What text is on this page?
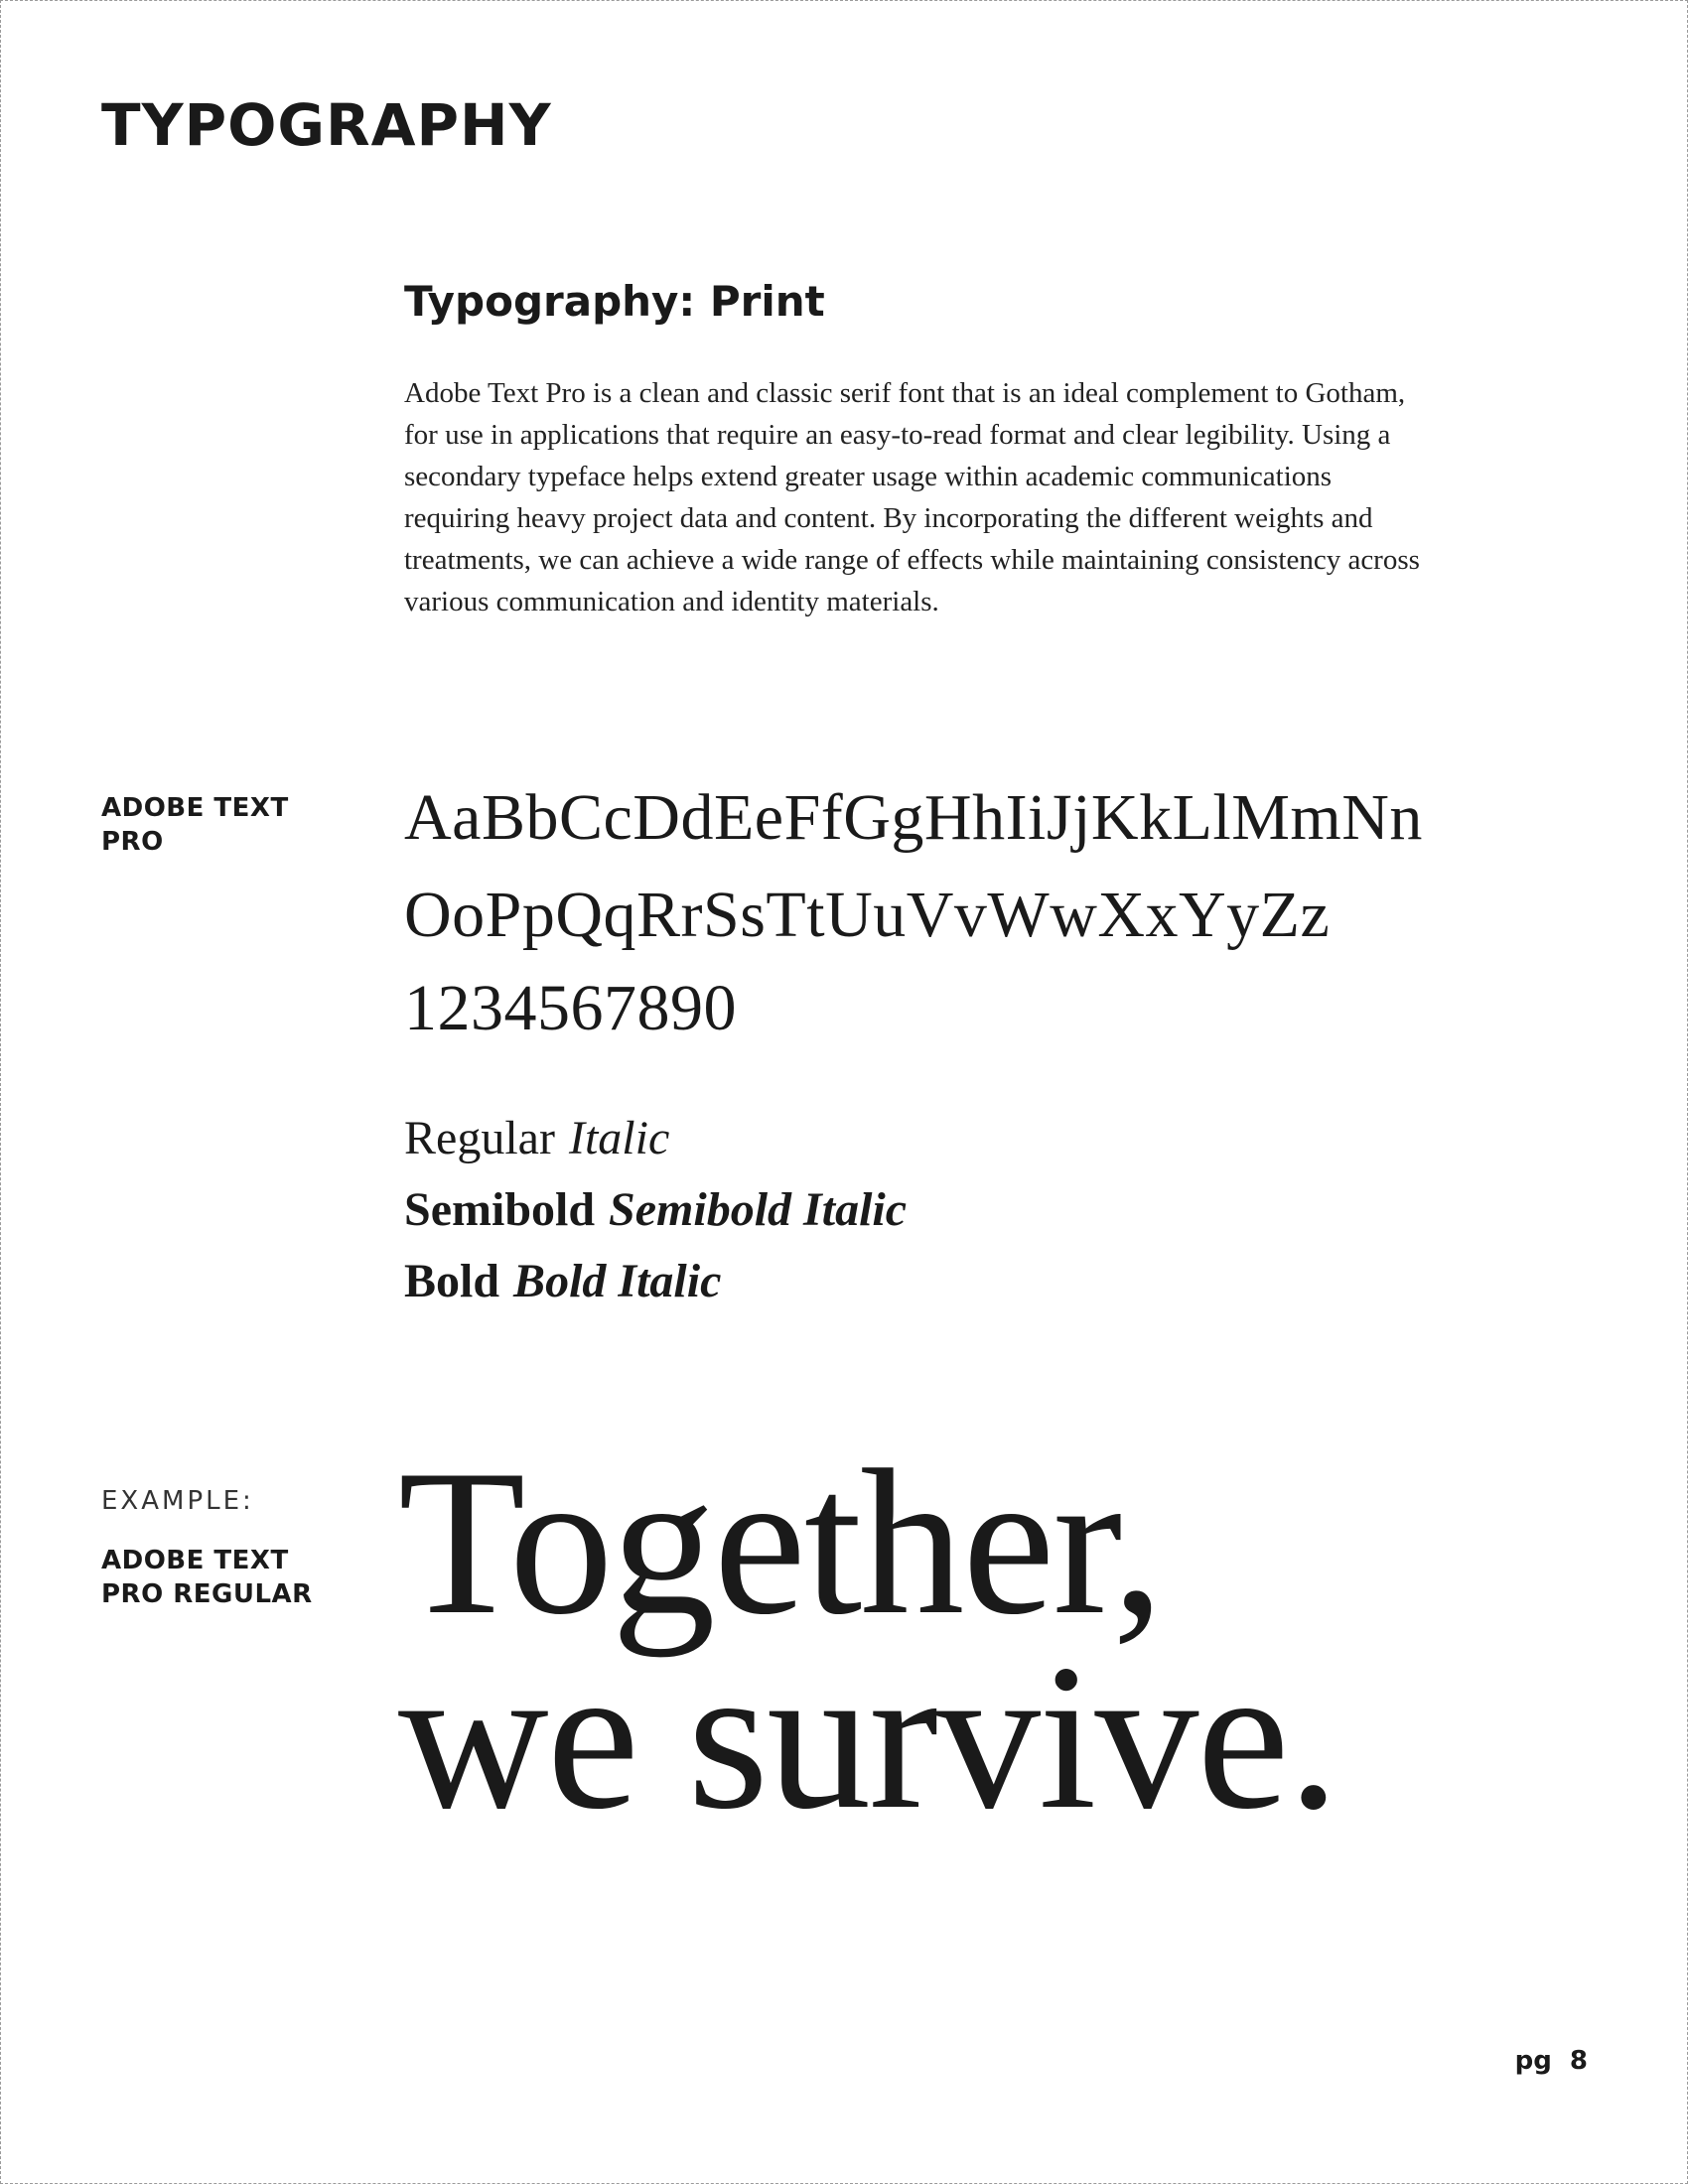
TYPOGRAPHY
Typography: Print

Adobe Text Pro is a clean and classic serif font that is an ideal complement to Gotham, for use in applications that require an easy-to-read format and clear legibility. Using a secondary typeface helps extend greater usage within academic communications requiring heavy project data and content. By incorporating the different weights and treatments, we can achieve a wide range of effects while maintaining consistency across various communication and identity materials.

ADOBE TEXT
PRO	AaBbCcDdEeFfGgHhIiJjKkLlMmNn
OoPpQqRrSsTtUuVvWwXxYyZz
1234567890
Regular Italic
Semibold Semibold Italic
Bold Bold Italic
EXAMPLE:
ADOBE TEXT
PRO REGULAR Together,
we survive.
pg  8
